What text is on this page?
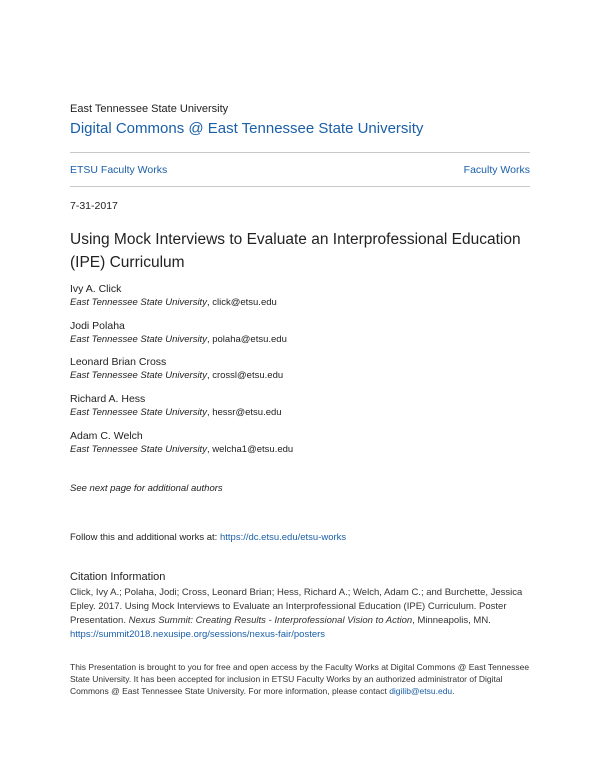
East Tennessee State University
Digital Commons @ East Tennessee State University
ETSU Faculty Works	Faculty Works
7-31-2017
Using Mock Interviews to Evaluate an Interprofessional Education (IPE) Curriculum
Ivy A. Click
East Tennessee State University, click@etsu.edu
Jodi Polaha
East Tennessee State University, polaha@etsu.edu
Leonard Brian Cross
East Tennessee State University, crossl@etsu.edu
Richard A. Hess
East Tennessee State University, hessr@etsu.edu
Adam C. Welch
East Tennessee State University, welcha1@etsu.edu
See next page for additional authors
Follow this and additional works at: https://dc.etsu.edu/etsu-works
Citation Information
Click, Ivy A.; Polaha, Jodi; Cross, Leonard Brian; Hess, Richard A.; Welch, Adam C.; and Burchette, Jessica Epley. 2017. Using Mock Interviews to Evaluate an Interprofessional Education (IPE) Curriculum. Poster Presentation. Nexus Summit: Creating Results - Interprofessional Vision to Action, Minneapolis, MN.
https://summit2018.nexusipe.org/sessions/nexus-fair/posters
This Presentation is brought to you for free and open access by the Faculty Works at Digital Commons @ East Tennessee State University. It has been accepted for inclusion in ETSU Faculty Works by an authorized administrator of Digital Commons @ East Tennessee State University. For more information, please contact digilib@etsu.edu.
